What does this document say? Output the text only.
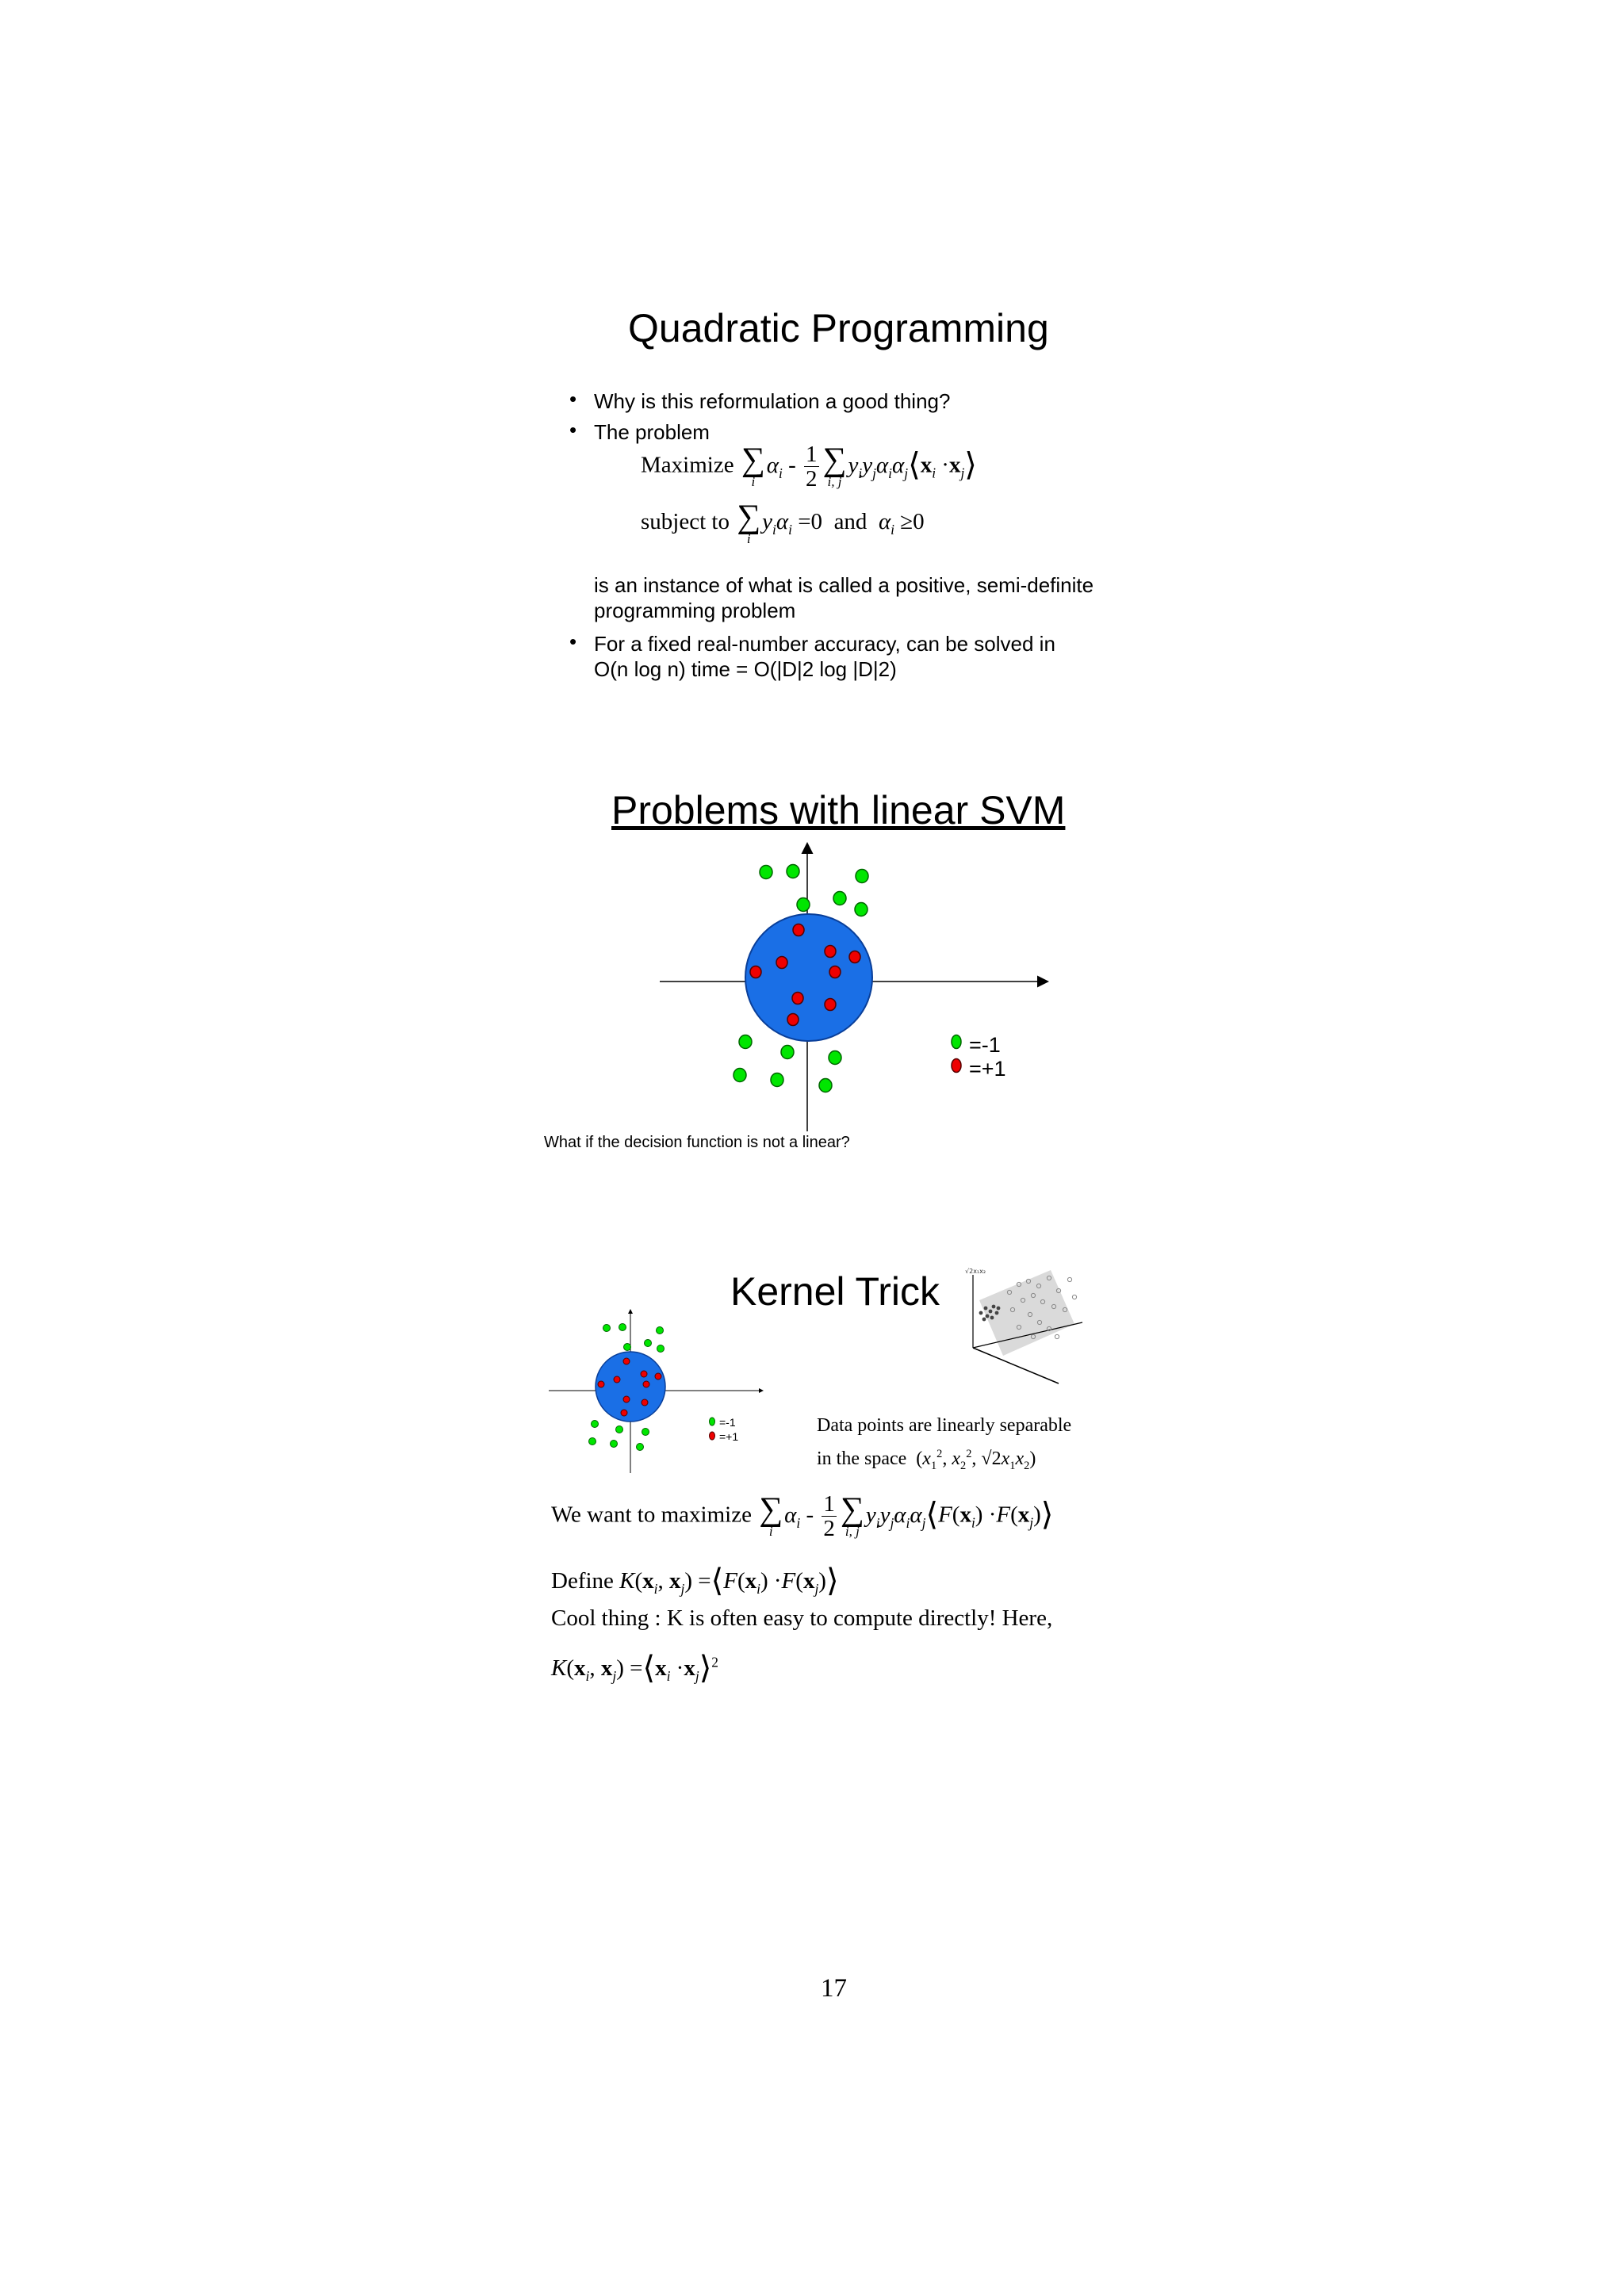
Quadratic Programming
• Why is this reformulation a good thing?
• The problem
Maximize ∑
i
$\alpha_i - \frac{1}{2}$ ∑
i, j
$y_iy_j\alpha_i\alpha_j⟨x_i$ $\cdot x_j⟩$
subject to ∑
i
$y_i\alpha_i =0$  and $\alpha_i \ge 0$
is an instance of what is called a positive, semi-definite
programming problem
• For a fixed real-number accuracy, can be solved in
O(n log n) time = O(|D|2 log |D|2)
Problems with linear SVM
=-1
=+1
What if the decision function is not a linear?
Kernel Trick
=-1
=+1
√2x₁x₂
Data points are linearly separable
in the space  ($x_1^2$, $x_2^2$, $√2x_1x_2$)
We want to maximize ∑
i
$\alpha_i - \frac{1}{2}$ ∑
i, j
$y_iy_j\alpha_i\alpha_j⟨F(x_i)$ $\cdot F(x_j)⟩$
Define $K(x_i$, $x_j$) $=⟨F(x_i)$ $\cdot F(x_j)⟩$
Cool thing : K is often easy to compute directly! Here,
$K(x_i$, $x_j$) $=⟨x_i$ $\cdot x_j⟩^2$
17
